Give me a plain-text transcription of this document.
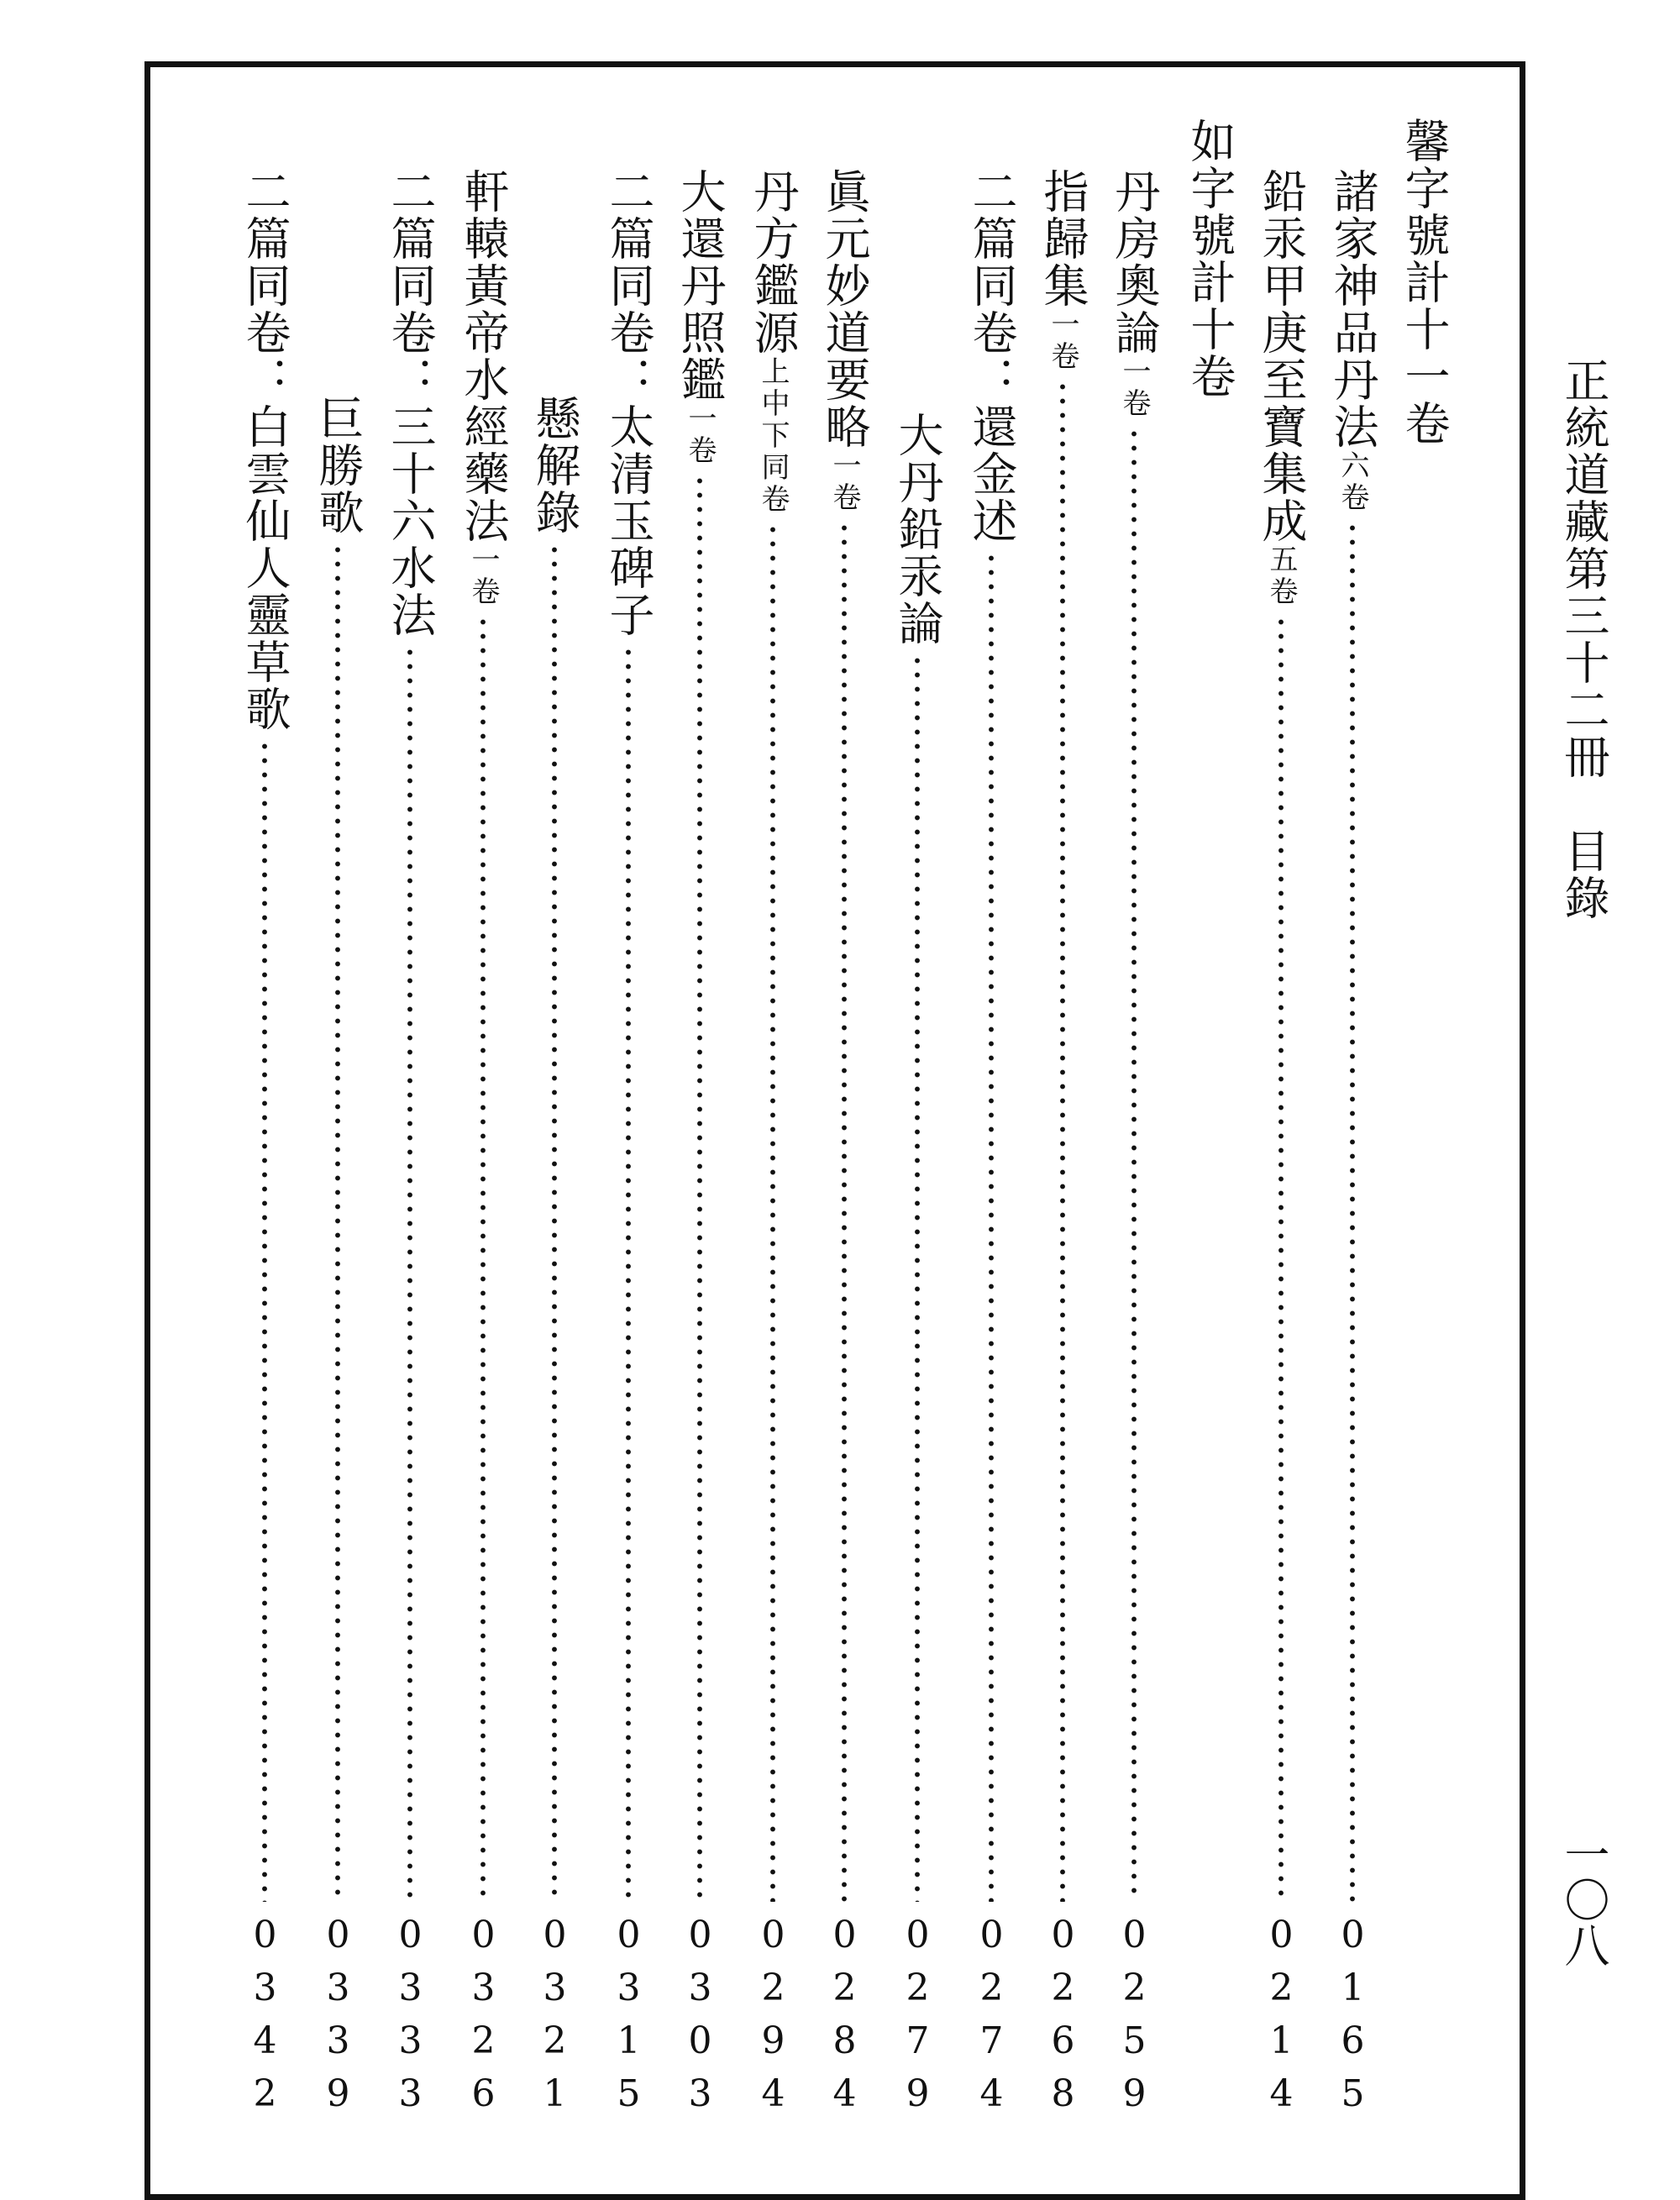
正統道藏第三十二冊　目錄
一〇八
馨字號計十一卷
諸家神品丹法六卷
0165
鉛汞甲庚至寶集成五卷
0214
如字號計十卷
丹房奧論一卷
0259
指歸集一卷
0268
二篇同卷：還金述
0274
大丹鉛汞論
0279
眞元妙道要略一卷
0284
丹方鑑源上中下同卷
0294
大還丹照鑑一卷
0303
二篇同卷：太清玉碑子
0315
懸解錄
0321
軒轅黃帝水經藥法一卷
0326
二篇同卷：三十六水法
0333
巨勝歌
0339
二篇同卷：白雲仙人靈草歌
0342
